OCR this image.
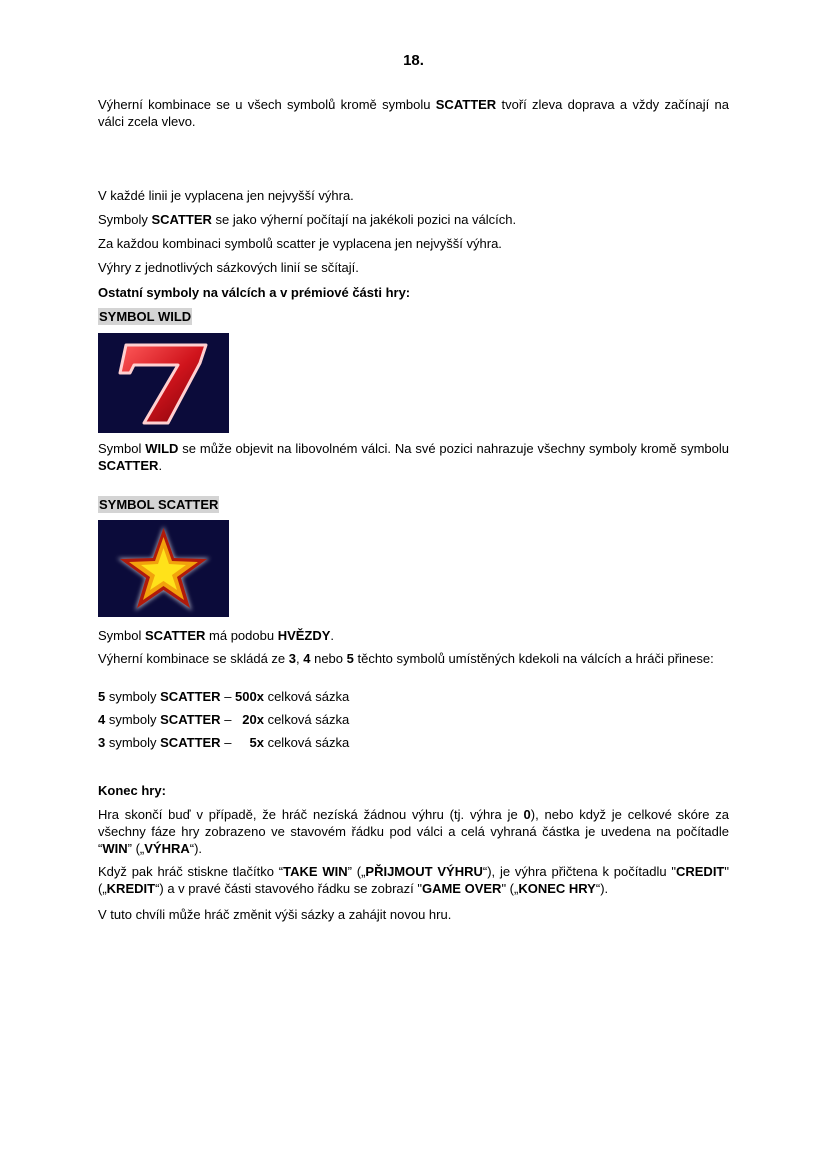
18.
Výherní kombinace se u všech symbolů kromě symbolu SCATTER tvoří zleva doprava a vždy začínají na válci zcela vlevo.
V každé linii je vyplacena jen nejvyšší výhra.
Symboly SCATTER se jako výherní počítají na jakékoli pozici na válcích.
Za každou kombinaci symbolů scatter je vyplacena jen nejvyšší výhra.
Výhry z jednotlivých sázkových linií se sčítají.
Ostatní symboly na válcích a v prémiové části hry:
SYMBOL WILD
Symbol WILD se může objevit na libovolném válci. Na své pozici nahrazuje všechny symboly kromě symbolu SCATTER.
SYMBOL SCATTER
Symbol SCATTER má podobu HVĚZDY.
Výherní kombinace se skládá ze 3, 4 nebo 5 těchto symbolů umístěných kdekoli na válcích a hráči přinese:
5 symboly SCATTER – 500x celková sázka
4 symboly SCATTER –   20x celková sázka
3 symboly SCATTER –     5x celková sázka
Konec hry:
Hra skončí buď v případě, že hráč nezíská žádnou výhru (tj. výhra je 0), nebo když je celkové skóre za všechny fáze hry zobrazeno ve stavovém řádku pod válci a celá vyhraná částka je uvedena na počítadle “WIN” („VÝHRA“).
Když pak hráč stiskne tlačítko “TAKE WIN” („PŘIJMOUT VÝHRU“), je výhra přičtena k počítadlu "CREDIT" („KREDIT“) a v pravé části stavového řádku se zobrazí "GAME OVER" („KONEC HRY“).
V tuto chvíli může hráč změnit výši sázky a zahájit novou hru.
